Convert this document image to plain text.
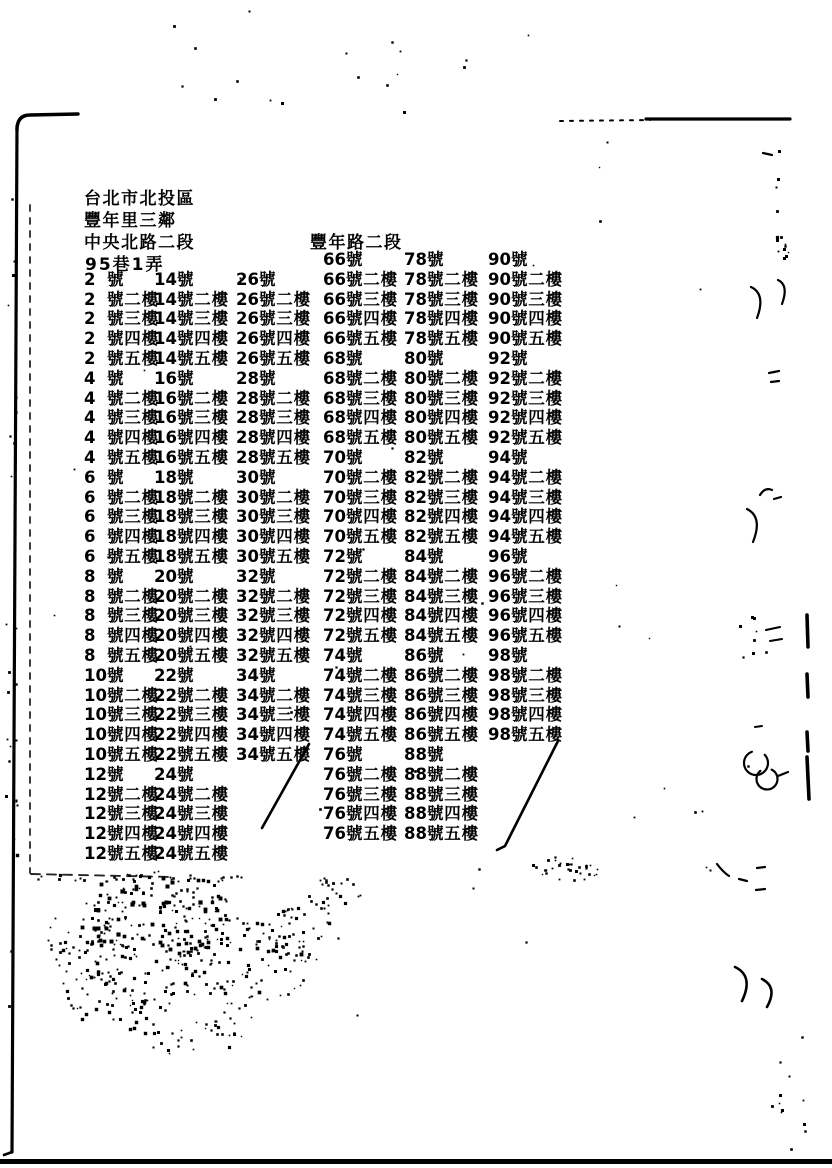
台北市北投區
豐年里三鄰
中央北路二段	豐年路二段
95巷1弄
2 號
2 號二樓
2 號三樓
2 號四樓
2 號五樓
4 號
4 號二樓
4 號三樓
4 號四樓
4 號五樓
6 號
6 號二樓
6 號三樓
6 號四樓
6 號五樓
8 號
8 號二樓
8 號三樓
8 號四樓
8 號五樓
10號
10號二樓
10號三樓
10號四樓
10號五樓
12號
12號二樓
12號三樓
12號四樓
12號五樓
14號
14號二樓
14號三樓
14號四樓
14號五樓
16號
16號二樓
16號三樓
16號四樓
16號五樓
18號
18號二樓
18號三樓
18號四樓
18號五樓
20號
20號二樓
20號三樓
20號四樓
20號五樓
22號
22號二樓
22號三樓
22號四樓
22號五樓
24號
24號二樓
24號三樓
24號四樓
24號五樓
26號
26號二樓
26號三樓
26號四樓
26號五樓
28號
28號二樓
28號三樓
28號四樓
28號五樓
30號
30號二樓
30號三樓
30號四樓
30號五樓
32號
32號二樓
32號三樓
32號四樓
32號五樓
34號
34號二樓
34號三樓
34號四樓
34號五樓
66號
66號二樓
66號三樓
66號四樓
66號五樓
68號
68號二樓
68號三樓
68號四樓
68號五樓
70號
70號二樓
70號三樓
70號四樓
70號五樓
72號
72號二樓
72號三樓
72號四樓
72號五樓
74號
74號二樓
74號三樓
74號四樓
74號五樓
76號
76號二樓
76號三樓
76號四樓
76號五樓
78號
78號二樓
78號三樓
78號四樓
78號五樓
80號
80號二樓
80號三樓
80號四樓
80號五樓
82號
82號二樓
82號三樓
82號四樓
82號五樓
84號
84號二樓
84號三樓
84號四樓
84號五樓
86號
86號二樓
86號三樓
86號四樓
86號五樓
88號
88號二樓
88號三樓
88號四樓
88號五樓
90號
90號二樓
90號三樓
90號四樓
90號五樓
92號
92號二樓
92號三樓
92號四樓
92號五樓
94號
94號二樓
94號三樓
94號四樓
94號五樓
96號
96號二樓
96號三樓
96號四樓
96號五樓
98號
98號二樓
98號三樓
98號四樓
98號五樓
